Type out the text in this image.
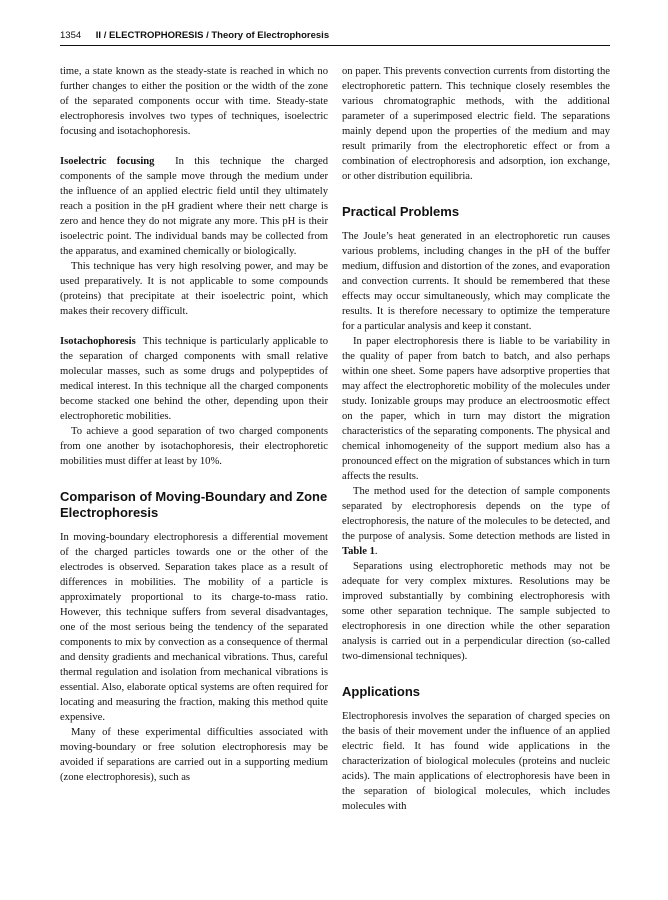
1354 II / ELECTROPHORESIS / Theory of Electrophoresis

time, a state known as the steady-state is reached in which no further changes to either the position or the width of the zone of the separated components occur with time. Steady-state electrophoresis involves two types of techniques, isoelectric focusing and isotachophoresis.

Isoelectric focusing In this technique the charged components of the sample move through the medium under the influence of an applied electric field until they ultimately reach a position in the pH gradient where their nett charge is zero and hence they do not migrate any more. This pH is their isoelectric point. The individual bands may be collected from the apparatus, and examined chemically or biologically.

This technique has very high resolving power, and may be used preparatively. It is not applicable to some compounds (proteins) that precipitate at their isoelectric point, which makes their recovery difficult.

Isotachophoresis This technique is particularly applicable to the separation of charged components with small relative molecular masses, such as some drugs and polypeptides of medical interest. In this technique all the charged components become stacked one behind the other, depending upon their electrophoretic mobilities.

To achieve a good separation of two charged components from one another by isotachophoresis, their electrophoretic mobilities must differ at least by 10%.

Comparison of Moving-Boundary and Zone Electrophoresis

In moving-boundary electrophoresis a differential movement of the charged particles towards one or the other of the electrodes is observed. Separation takes place as a result of differences in mobilities. The mobility of a particle is approximately proportional to its charge-to-mass ratio. However, this technique suffers from several disadvantages, one of the most serious being the tendency of the separated components to mix by convection as a consequence of thermal and density gradients and mechanical vibrations. Thus, careful thermal regulation and isolation from mechanical vibrations is essential. Also, elaborate optical systems are often required for locating and measuring the fraction, making this method quite expensive.

Many of these experimental difficulties associated with moving-boundary or free solution electrophoresis may be avoided if separations are carried out in a supporting medium (zone electrophoresis), such as

on paper. This prevents convection currents from distorting the electrophoretic pattern. This technique closely resembles the various chromatographic methods, with the additional parameter of a superimposed electric field. The separations mainly depend upon the properties of the medium and may result primarily from the electrophoretic effect or from a combination of electrophoresis and adsorption, ion exchange, or other distribution equilibria.

Practical Problems

The Joule’s heat generated in an electrophoretic run causes various problems, including changes in the pH of the buffer medium, diffusion and distortion of the zones, and evaporation and convection currents. It should be remembered that these effects may occur simultaneously, which may complicate the results. It is therefore necessary to optimize the temperature for a particular analysis and keep it constant.

In paper electrophoresis there is liable to be variability in the quality of paper from batch to batch, and also perhaps within one sheet. Some papers have adsorptive properties that may affect the electrophoretic mobility of the molecules under study. Ionizable groups may produce an electroosmotic effect on the paper, which in turn may distort the migration characteristics of the separating components. The physical and chemical inhomogeneity of the support medium also has a pronounced effect on the migration of substances which in turn affects the results.

The method used for the detection of sample components separated by electrophoresis depends on the type of electrophoresis, the nature of the molecules to be detected, and the purpose of analysis. Some detection methods are listed in Table 1.

Separations using electrophoretic methods may not be adequate for very complex mixtures. Resolutions may be improved substantially by combining electrophoresis with some other separation technique. The sample subjected to electrophoresis in one direction while the other separation analysis is carried out in a perpendicular direction (so-called two-dimensional techniques).

Applications

Electrophoresis involves the separation of charged species on the basis of their movement under the influence of an applied electric field. It has found wide applications in the characterization of biological molecules (proteins and nucleic acids). The main applications of electrophoresis have been in the separation of biological molecules, which includes molecules with
